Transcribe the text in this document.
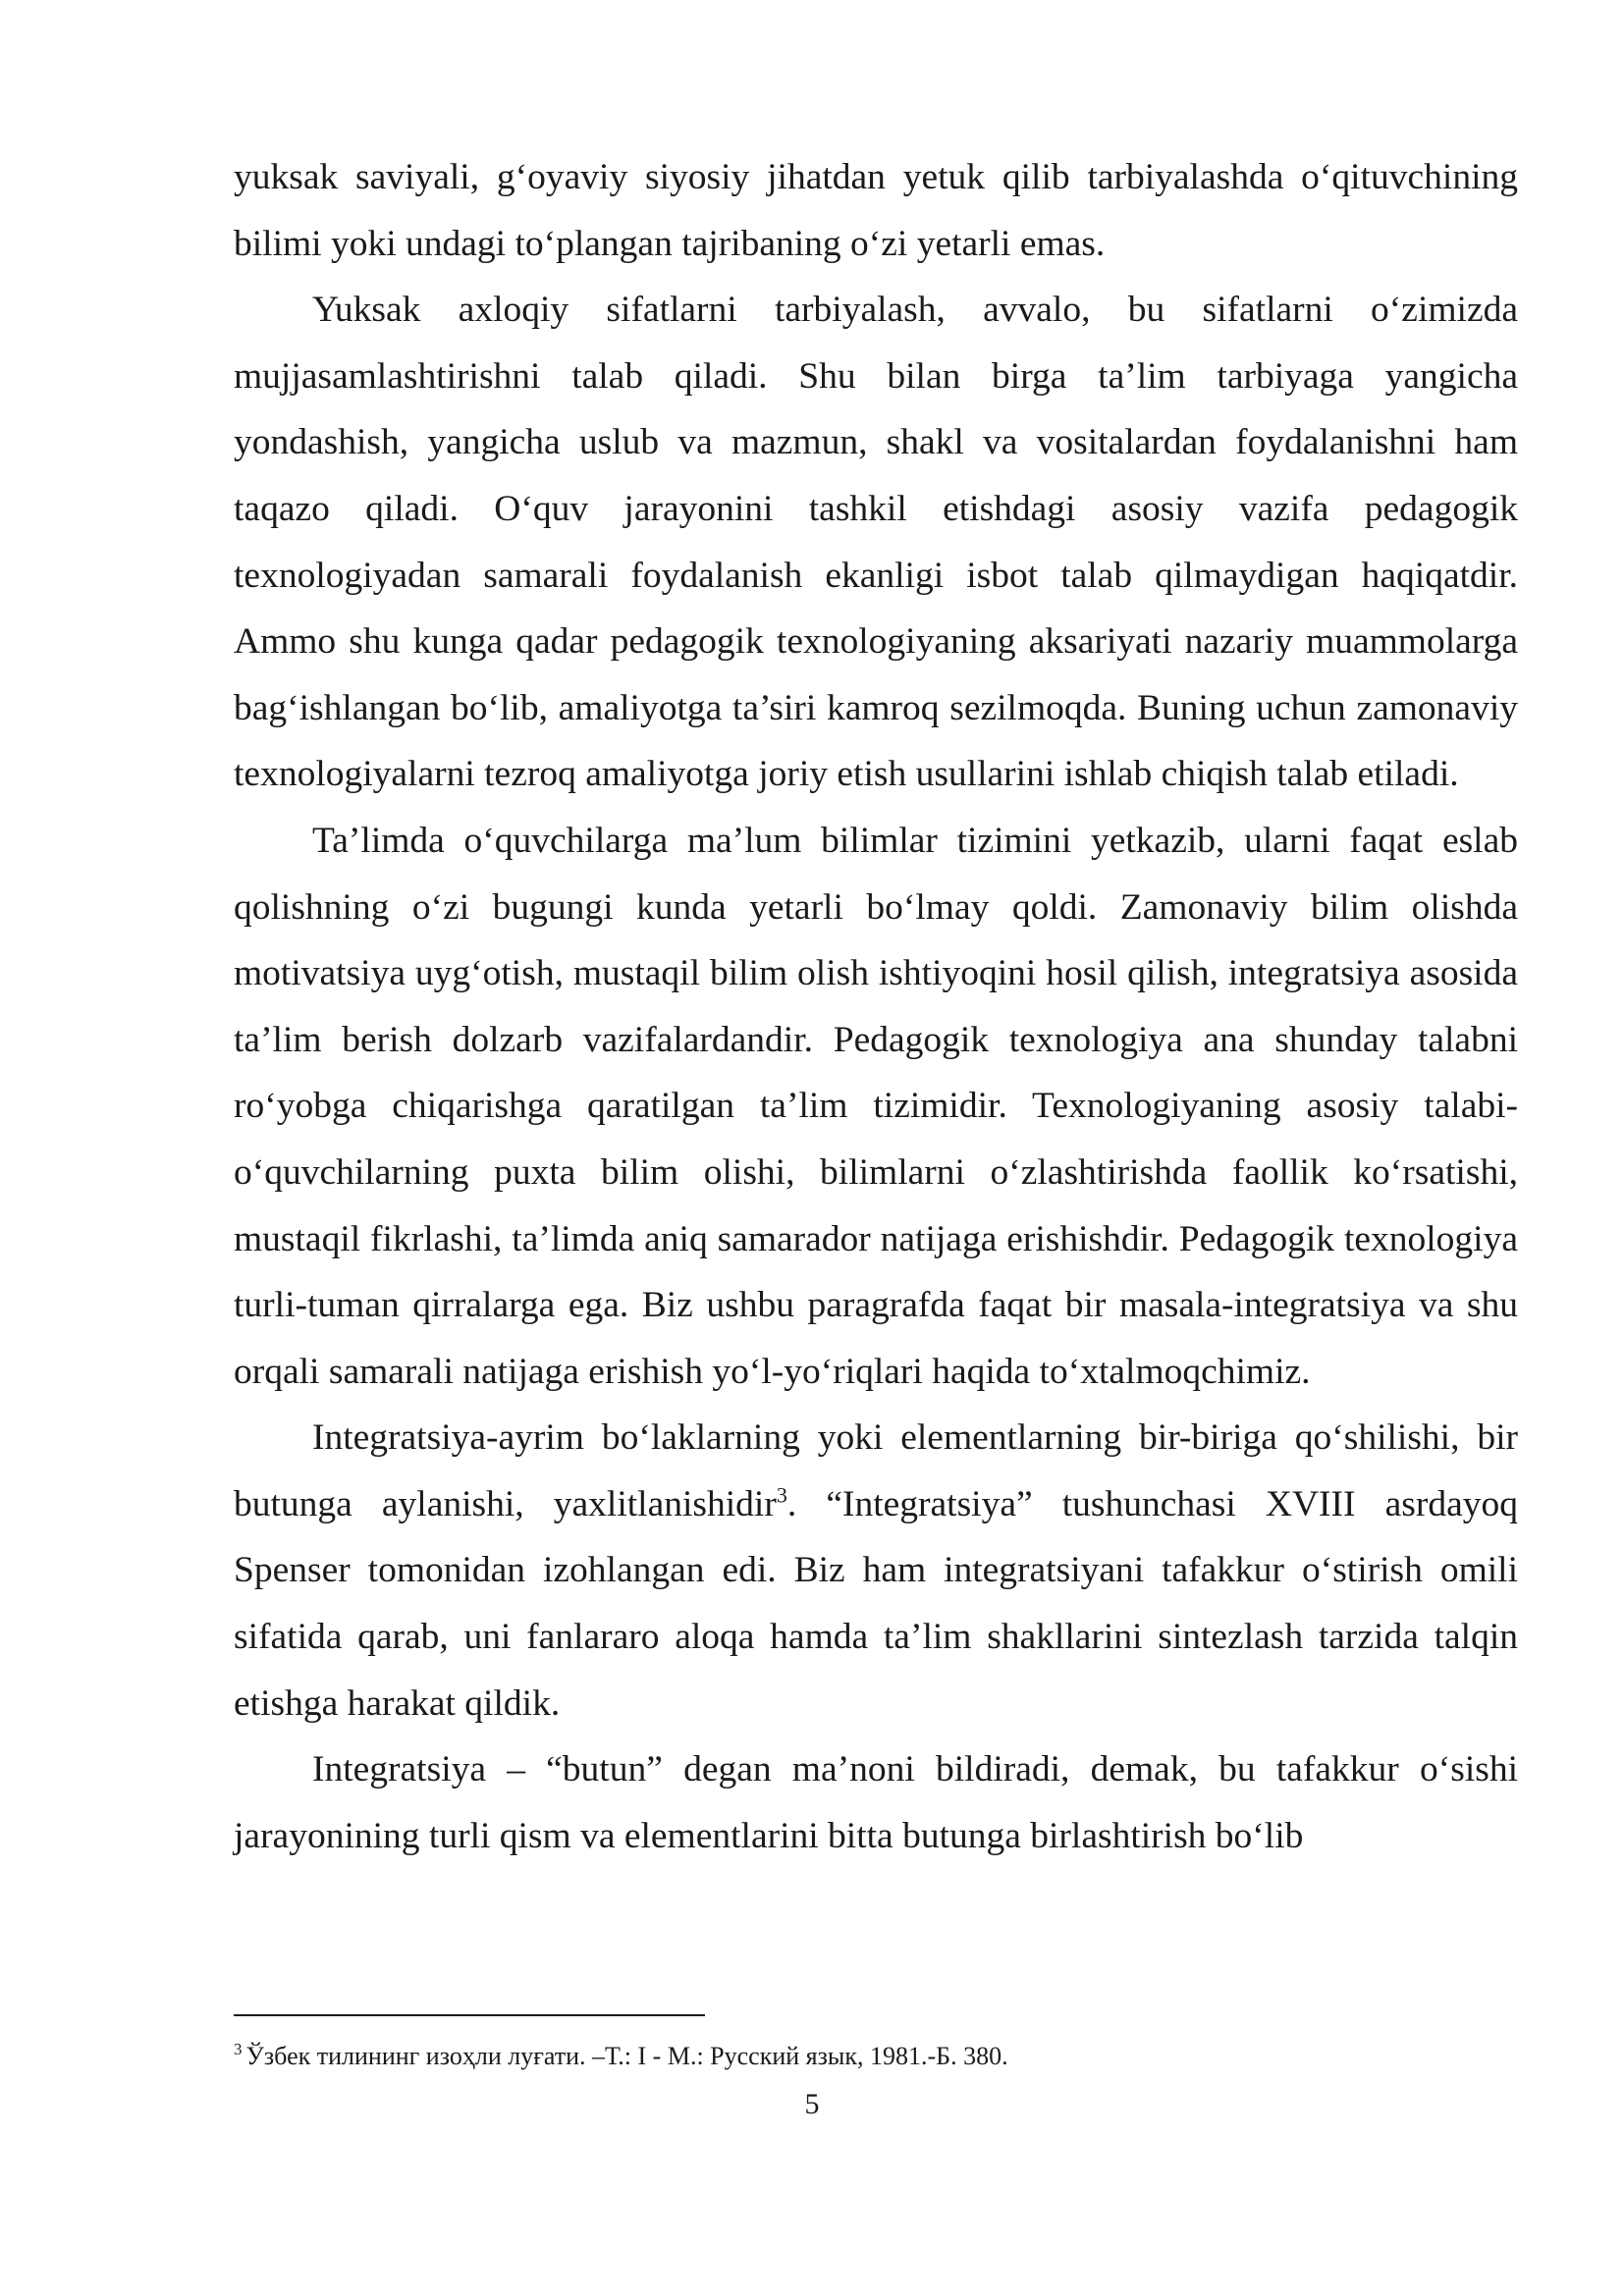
yuksak saviyali, g‘oyaviy siyosiy jihatdan yetuk qilib tarbiyalashda o‘qituvchining bilimi yoki undagi to‘plangan tajribaning o‘zi yetarli emas.

Yuksak axloqiy sifatlarni tarbiyalash, avvalo, bu sifatlarni o‘zimizda mujjasamlashtirishni talab qiladi. Shu bilan birga ta’lim tarbiyaga yangicha yondashish, yangicha uslub va mazmun, shakl va vositalardan foydalanishni ham taqazo qiladi. O‘quv jarayonini tashkil etishdagi asosiy vazifa pedagogik texnologiyadan samarali foydalanish ekanligi isbot talab qilmaydigan haqiqatdir. Ammo shu kunga qadar pedagogik texnologiyaning aksariyati nazariy muammolarga bag‘ishlangan bo‘lib, amaliyotga ta’siri kamroq sezilmoqda. Buning uchun zamonaviy texnologiyalarni tezroq amaliyotga joriy etish usullarini ishlab chiqish talab etiladi.

Ta’limda o‘quvchilarga ma’lum bilimlar tizimini yetkazib, ularni faqat eslab qolishning o‘zi bugungi kunda yetarli bo‘lmay qoldi. Zamonaviy bilim olishda motivatsiya uyg‘otish, mustaqil bilim olish ishtiyoqini hosil qilish, integratsiya asosida ta’lim berish dolzarb vazifalardandir. Pedagogik texnologiya ana shunday talabni ro‘yobga chiqarishga qaratilgan ta’lim tizimidir. Texnologiyaning asosiy talabi-o‘quvchilarning puxta bilim olishi, bilimlarni o‘zlashtirishda faollik ko‘rsatishi, mustaqil fikrlashi, ta’limda aniq samarador natijaga erishishdir. Pedagogik texnologiya turli-tuman qirralarga ega. Biz ushbu paragrafda faqat bir masala-integratsiya va shu orqali samarali natijaga erishish yo‘l-yo‘riqlari haqida to‘xtalmoqchimiz.

Integratsiya-ayrim bo‘laklarning yoki elementlarning bir-biriga qo‘shilishi, bir butunga aylanishi, yaxlitlanishidir$^3$. “Integratsiya” tushunchasi XVIII asrdayoq Spenser tomonidan izohlangan edi. Biz ham integratsiyani tafakkur o‘stirish omili sifatida qarab, uni fanlararo aloqa hamda ta’lim shakllarini sintezlash tarzida talqin etishga harakat qildik.

Integratsiya – “butun” degan ma’noni bildiradi, demak, bu tafakkur o‘sishi jarayonining turli qism va elementlarini bitta butunga birlashtirish bo‘lib

$^3$ Ўзбек тилининг изоҳли луғати. –Т.: I - М.: Русский язык, 1981.-Б. 380.

5
